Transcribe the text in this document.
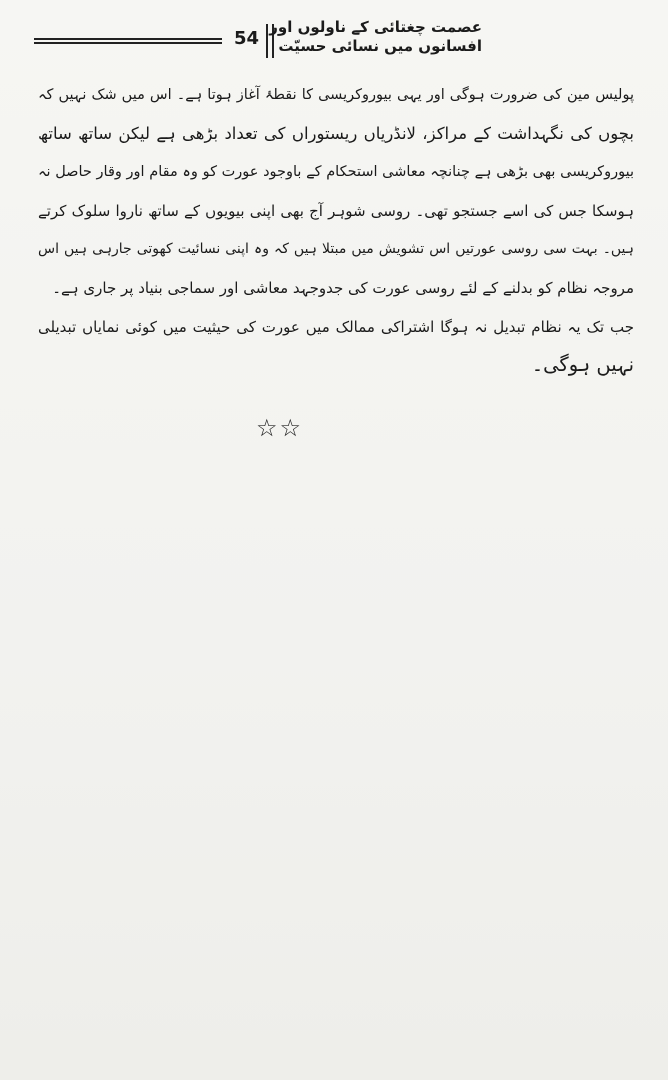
54
عصمت چغتائی کے ناولوں اور
افسانوں میں نسائی حسیّت
پولیس مین کی ضرورت ہوگی اور یہی بیوروکریسی کا نقطۂ آغاز ہوتا ہے۔ اس میں شک نہیں کہ
بچوں کی نگہداشت کے مراکز، لانڈریاں ریستوراں کی تعداد بڑھی ہے لیکن ساتھ ساتھ
بیوروکریسی بھی بڑھی ہے چنانچہ معاشی استحکام کے باوجود عورت کو وہ مقام اور وقار حاصل نہ
ہوسکا جس کی اسے جستجو تھی۔ روسی شوہر آج بھی اپنی بیویوں کے ساتھ ناروا سلوک کرتے
ہیں۔ بہت سی روسی عورتیں اس تشویش میں مبتلا ہیں کہ وہ اپنی نسائیت کھوتی جارہی ہیں اس
مروجہ نظام کو بدلنے کے لئے روسی عورت کی جدوجہد معاشی اور سماجی بنیاد پر جاری ہے۔
جب تک یہ نظام تبدیل نہ ہوگا اشتراکی ممالک میں عورت کی حیثیت میں کوئی نمایاں تبدیلی
نہیں ہوگی۔
☆☆
